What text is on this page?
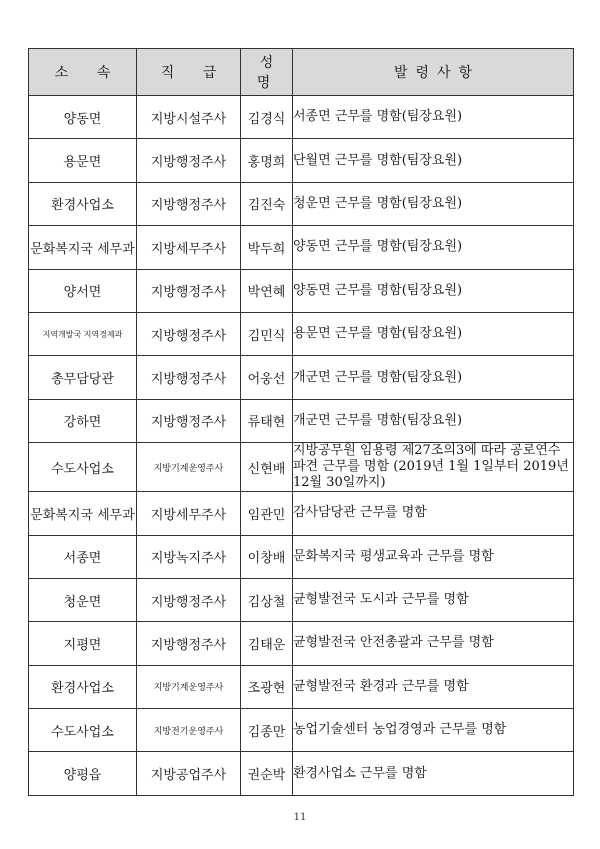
소 속	직 급	성 명	발령사항
양동면	지방시설주사	김경식	서종면 근무를 명함(팀장요원)
용문면	지방행정주사	홍명희	단월면 근무를 명함(팀장요원)
환경사업소	지방행정주사	김진숙	청운면 근무를 명함(팀장요원)
문화복지국 세무과	지방세무주사	박두희	양동면 근무를 명함(팀장요원)
양서면	지방행정주사	박연혜	양동면 근무를 명함(팀장요원)
지역개발국 지역경제과	지방행정주사	김민식	용문면 근무를 명함(팀장요원)
총무담당관	지방행정주사	어웅선	개군면 근무를 명함(팀장요원)
강하면	지방행정주사	류태현	개군면 근무를 명함(팀장요원)
수도사업소	지방기계운영주사	신현배	지방공무원 임용령 제27조의3에 따라 공로연수 파견 근무를 명함 (2019년 1월 1일부터 2019년 12월 30일까지)
문화복지국 세무과	지방세무주사	임관민	감사담당관 근무를 명함
서종면	지방녹지주사	이창배	문화복지국 평생교육과 근무를 명함
청운면	지방행정주사	김상철	균형발전국 도시과 근무를 명함
지평면	지방행정주사	김태운	균형발전국 안전총괄과 근무를 명함
환경사업소	지방기계운영주사	조광현	균형발전국 환경과 근무를 명함
수도사업소	지방전기운영주사	김종만	농업기술센터 농업경영과 근무를 명함
양평읍	지방공업주사	권순박	환경사업소 근무를 명함
11
